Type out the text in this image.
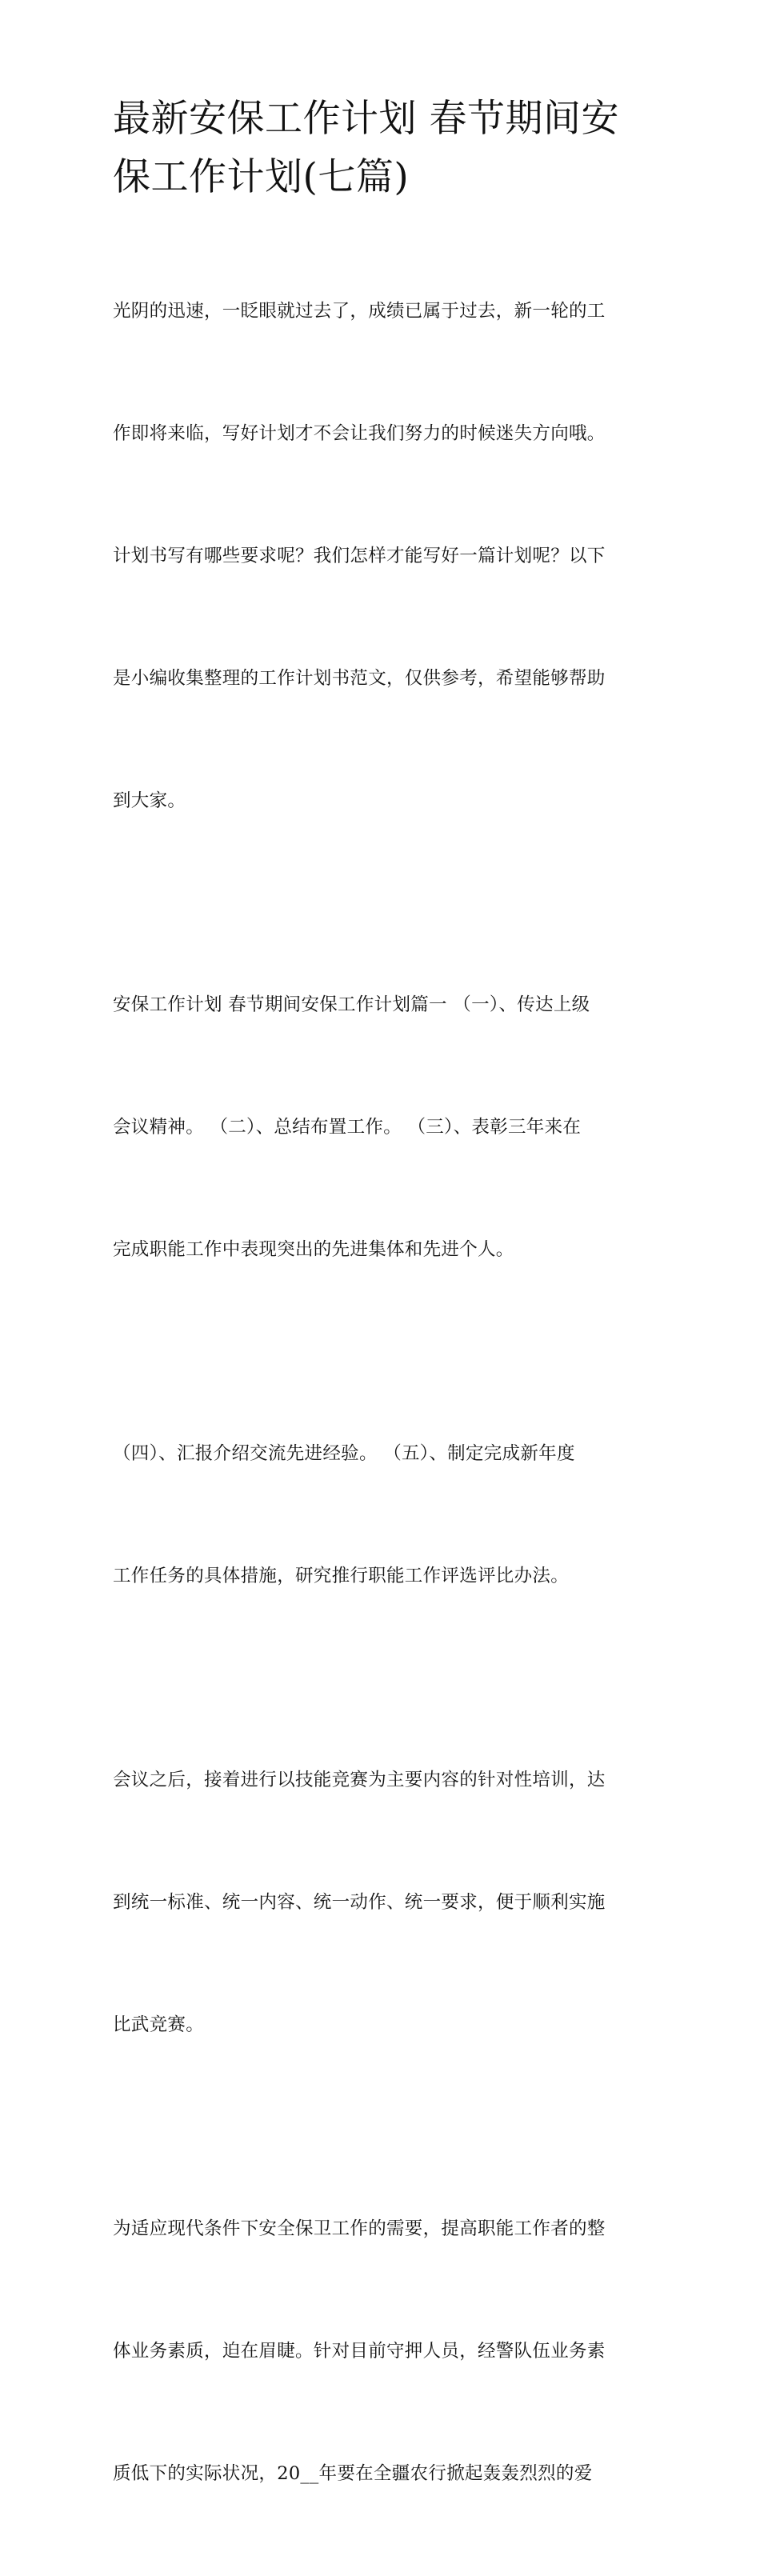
最新安保工作计划 春节期间安
保工作计划(七篇)

光阴的迅速，一眨眼就过去了，成绩已属于过去，新一轮的工

作即将来临，写好计划才不会让我们努力的时候迷失方向哦。

计划书写有哪些要求呢？我们怎样才能写好一篇计划呢？以下

是小编收集整理的工作计划书范文，仅供参考，希望能够帮助

到大家。

安保工作计划 春节期间安保工作计划篇一 （一）、传达上级

会议精神。 （二）、总结布置工作。 （三）、表彰三年来在

完成职能工作中表现突出的先进集体和先进个人。

（四）、汇报介绍交流先进经验。 （五）、制定完成新年度

工作任务的具体措施，研究推行职能工作评选评比办法。

会议之后，接着进行以技能竞赛为主要内容的针对性培训，达

到统一标准、统一内容、统一动作、统一要求，便于顺利实施

比武竞赛。

为适应现代条件下安全保卫工作的需要，提高职能工作者的整

体业务素质，迫在眉睫。针对目前守押人员，经警队伍业务素

质低下的实际状况，20__年要在全疆农行掀起轰轰烈烈的爱
